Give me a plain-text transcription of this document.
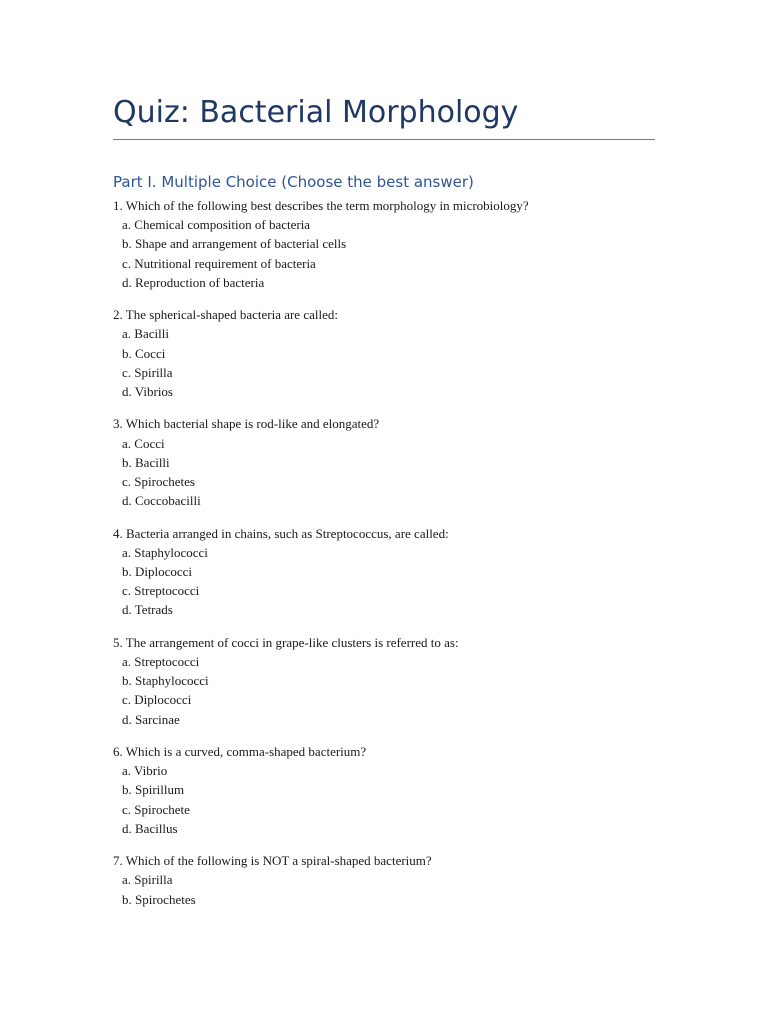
Quiz: Bacterial Morphology
Part I. Multiple Choice (Choose the best answer)
1. Which of the following best describes the term morphology in microbiology?
a. Chemical composition of bacteria
b. Shape and arrangement of bacterial cells
c. Nutritional requirement of bacteria
d. Reproduction of bacteria
2. The spherical-shaped bacteria are called:
a. Bacilli
b. Cocci
c. Spirilla
d. Vibrios
3. Which bacterial shape is rod-like and elongated?
a. Cocci
b. Bacilli
c. Spirochetes
d. Coccobacilli
4. Bacteria arranged in chains, such as Streptococcus, are called:
a. Staphylococci
b. Diplococci
c. Streptococci
d. Tetrads
5. The arrangement of cocci in grape-like clusters is referred to as:
a. Streptococci
b. Staphylococci
c. Diplococci
d. Sarcinae
6. Which is a curved, comma-shaped bacterium?
a. Vibrio
b. Spirillum
c. Spirochete
d. Bacillus
7. Which of the following is NOT a spiral-shaped bacterium?
a. Spirilla
b. Spirochetes
